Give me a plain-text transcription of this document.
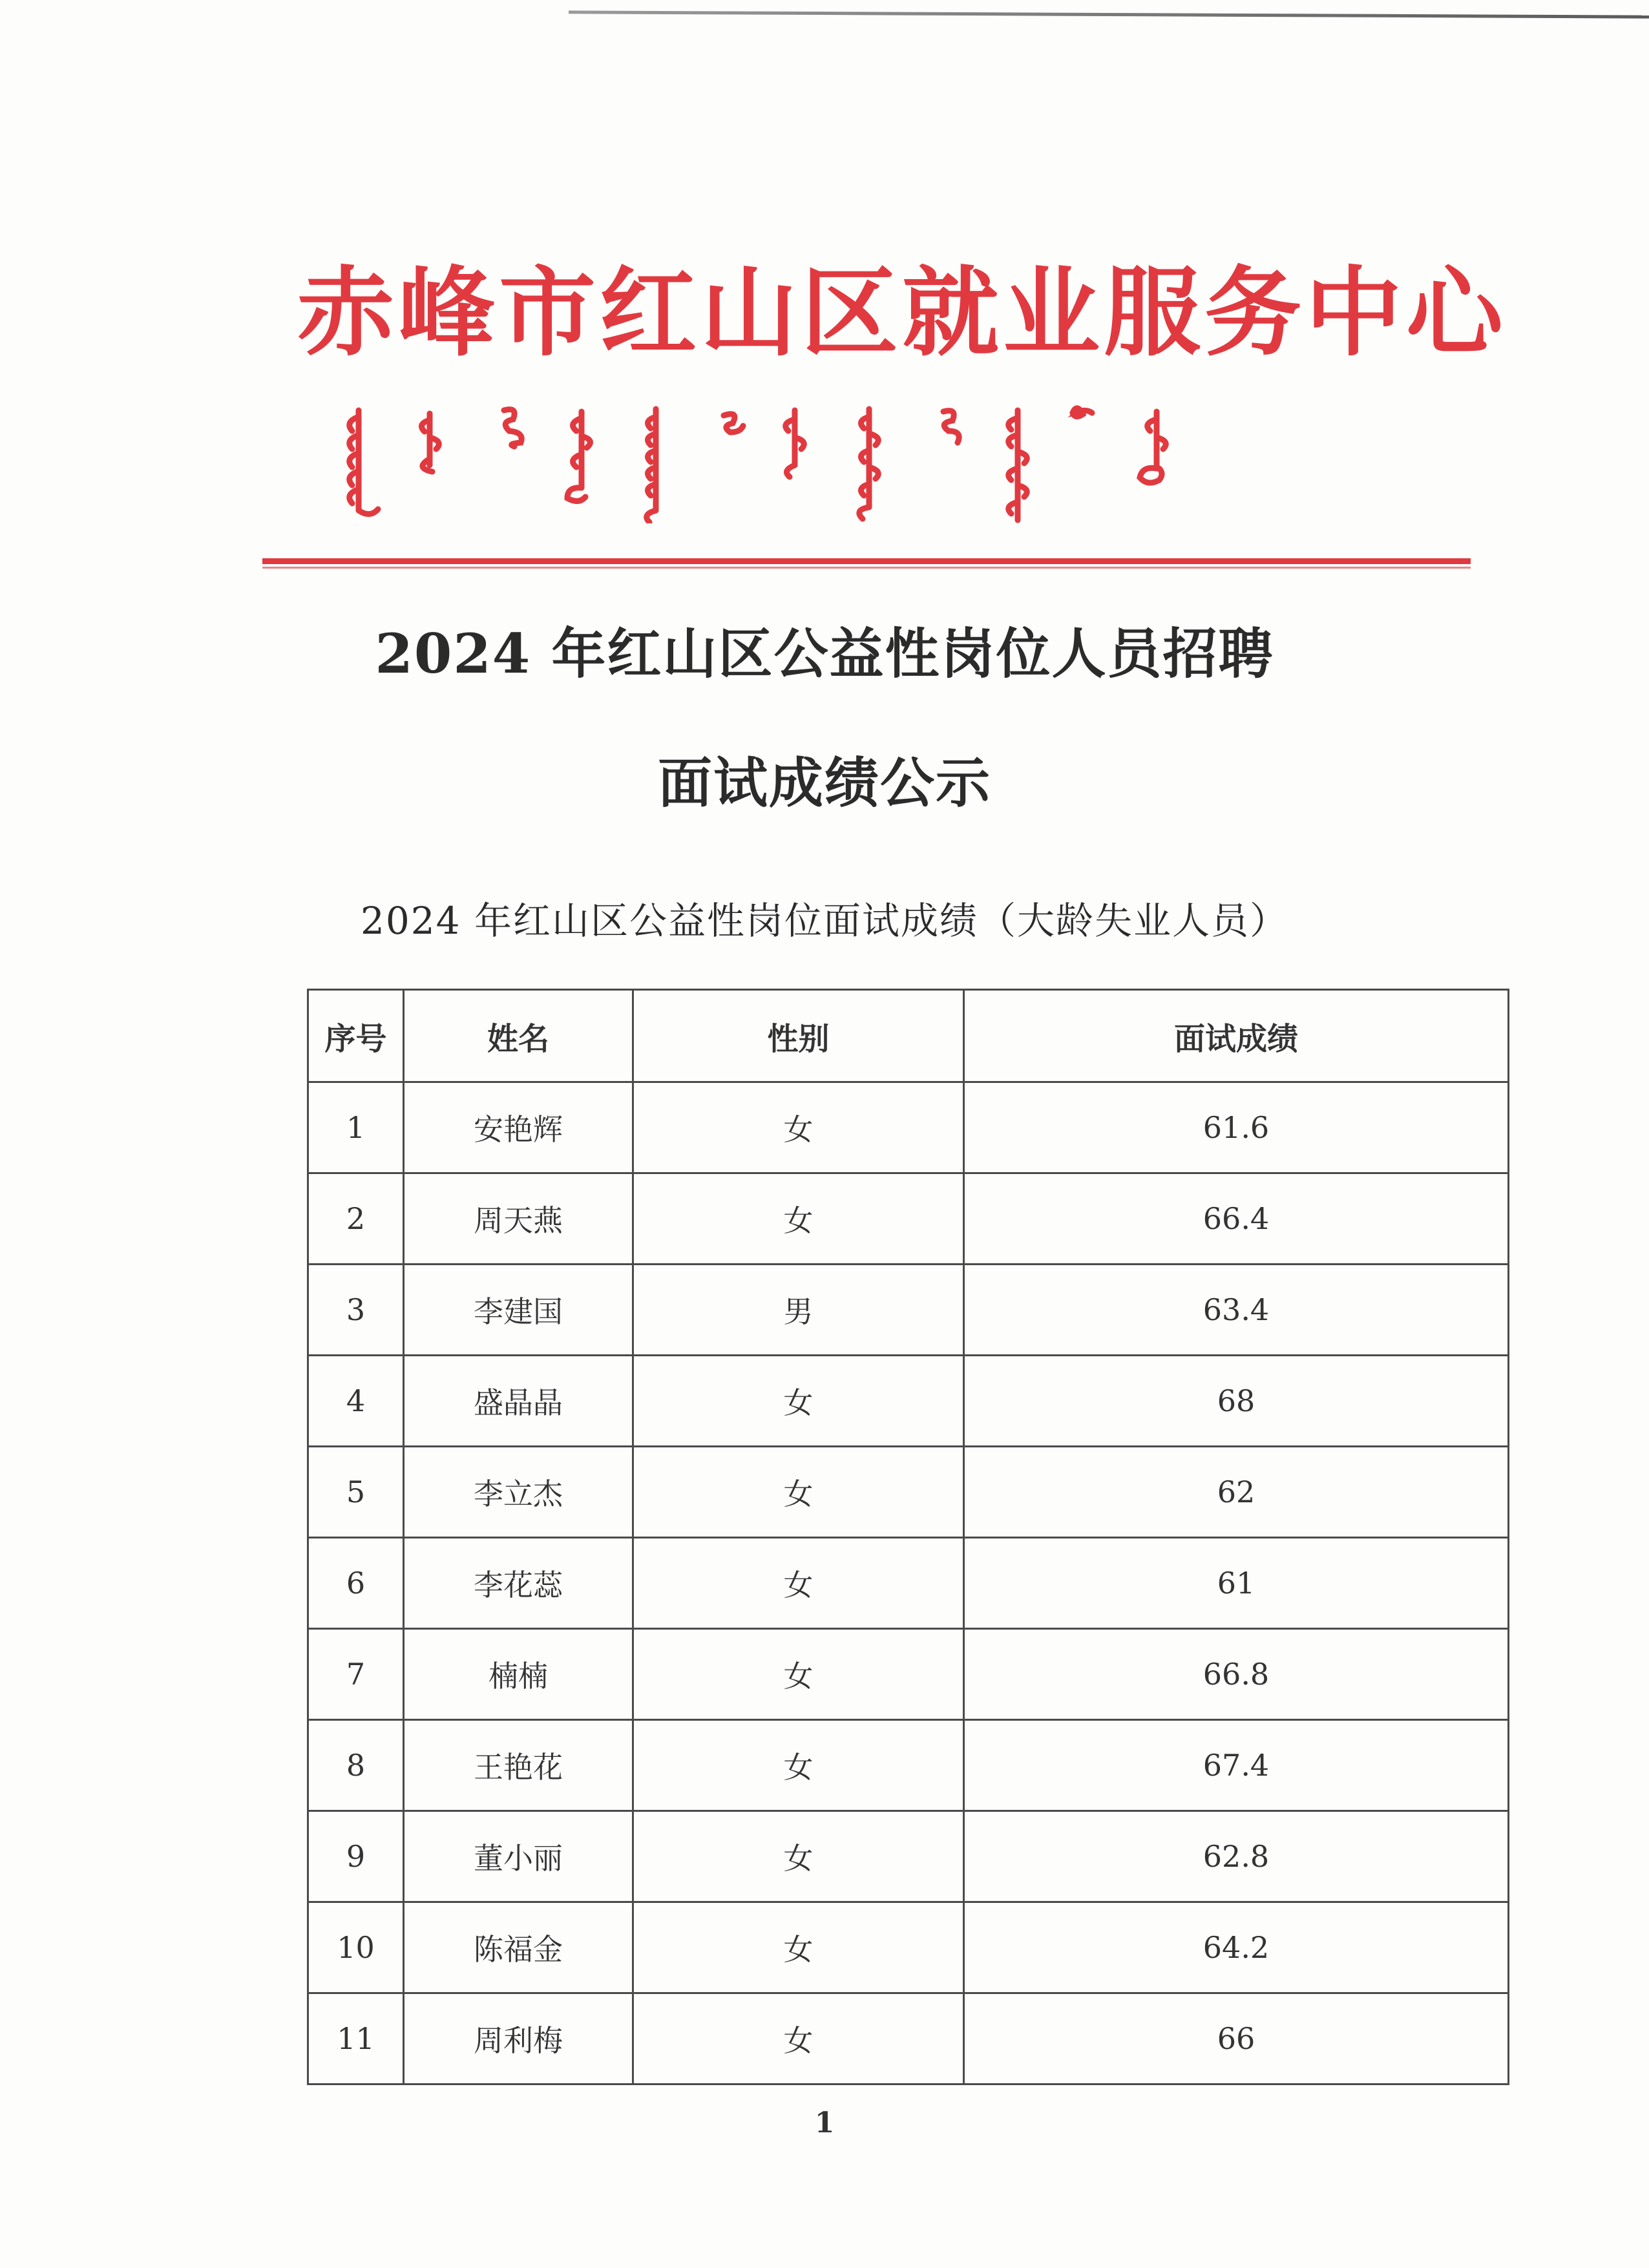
赤峰市红山区就业服务中心
2024 年红山区公益性岗位人员招聘
面试成绩公示
2024 年红山区公益性岗位面试成绩（大龄失业人员）
序号	姓名	性别	面试成绩
1	安艳辉	女	61.6
2	周天燕	女	66.4
3	李建国	男	63.4
4	盛晶晶	女	68
5	李立杰	女	62
6	李花蕊	女	61
7	楠楠	女	66.8
8	王艳花	女	67.4
9	董小丽	女	62.8
10	陈福金	女	64.2
11	周利梅	女	66
1
